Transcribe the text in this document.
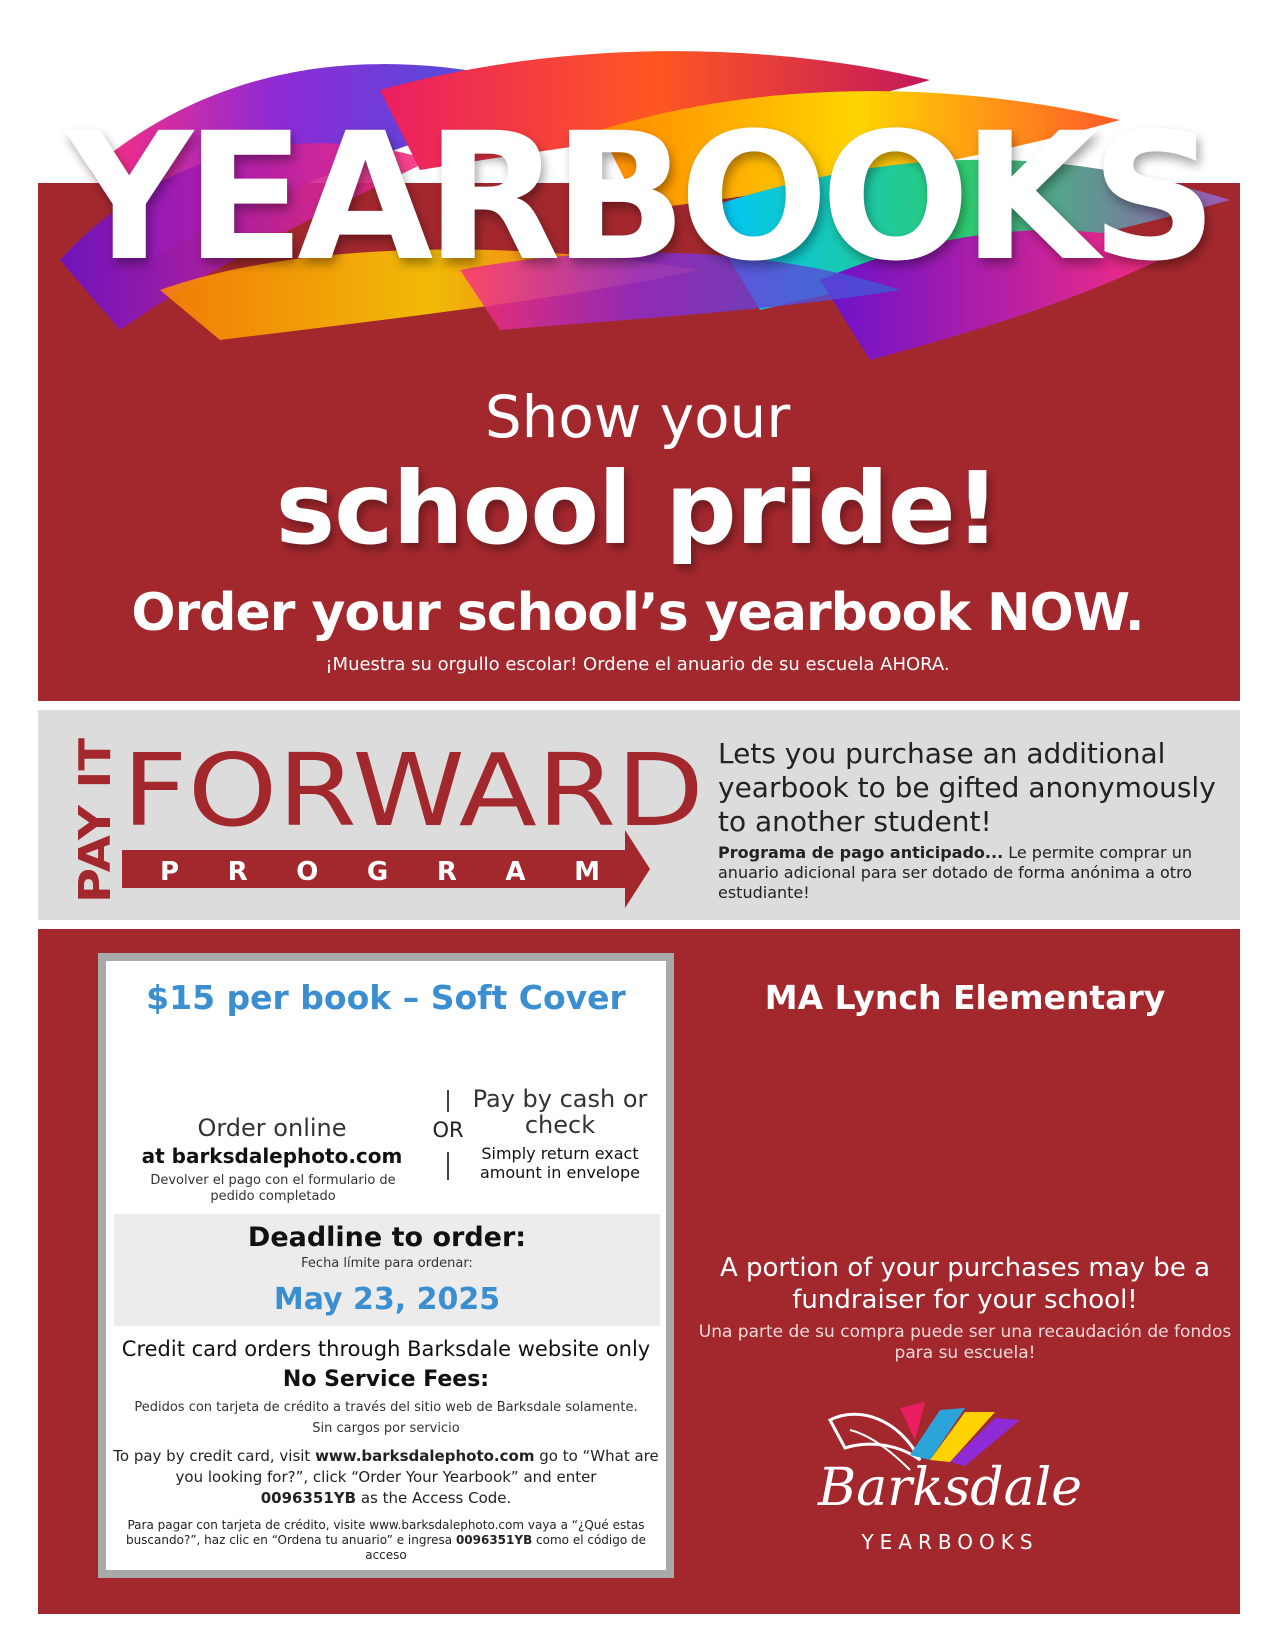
YEARBOOKS
Show your
school pride!
Order your school’s yearbook NOW.
¡Muestra su orgullo escolar! Ordene el anuario de su escuela AHORA.
PAY IT FORWARD
P R O G R A M
Lets you purchase an additional yearbook to be gifted anonymously to another student!
Programa de pago anticipado... Le permite comprar un anuario adicional para ser dotado de forma anónima a otro estudiante!
$15 per book – Soft Cover
Order online
at barksdalephoto.com
Devolver el pago con el formulario de pedido completado
OR
Pay by cash or check
Simply return exact amount in envelope
Deadline to order:
Fecha límite para ordenar:
May 23, 2025
Credit card orders through Barksdale website only
No Service Fees:
Pedidos con tarjeta de crédito a través del sitio web de Barksdale solamente.
Sin cargos por servicio
To pay by credit card, visit www.barksdalephoto.com go to “What are you looking for?”, click “Order Your Yearbook” and enter
0096351YB as the Access Code.
Para pagar con tarjeta de crédito, visite www.barksdalephoto.com vaya a “¿Qué estas buscando?”, haz clic en “Ordena tu anuario” e ingresa 0096351YB como el código de acceso
MA Lynch Elementary
A portion of your purchases may be a fundraiser for your school!
Una parte de su compra puede ser una recaudación de fondos para su escuela!
Barksdale
YEARBOOKS
